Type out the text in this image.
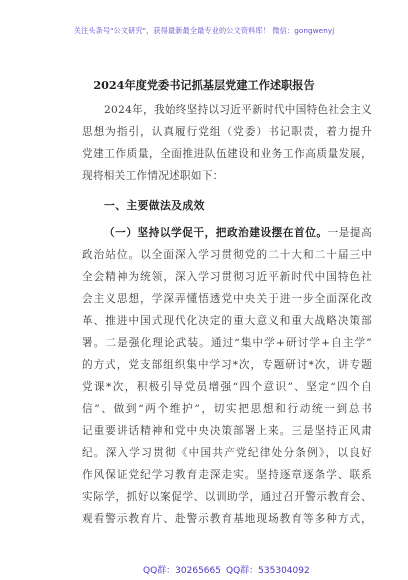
关注头条号"公文研究"，获得最新最全最专业的公文资料库！ 微信：gongwenyj
2024年度党委书记抓基层党建工作述职报告
2024年，我始终坚持以习近平新时代中国特色社会主义
思想为指引，认真履行党组（党委）书记职责，着力提升
党建工作质量，全面推进队伍建设和业务工作高质量发展，
现将相关工作情况述职如下：
一、主要做法及成效
（一）坚持以学促干，把政治建设摆在首位。一是提高
政治站位。以全面深入学习贯彻党的二十大和二十届三中
全会精神为统领，深入学习贯彻习近平新时代中国特色社
会主义思想，学深弄懂悟透党中央关于进一步全面深化改
革、推进中国式现代化决定的重大意义和重大战略决策部
署。二是强化理论武装。通过“集中学+研讨学+自主学”
的方式，党支部组织集中学习*次，专题研讨*次，讲专题
党课*次，积极引导党员增强“四个意识”、坚定“四个自
信”、做到“两个维护”，切实把思想和行动统一到总书
记重要讲话精神和党中央决策部署上来。三是坚持正风肃
纪。深入学习贯彻《中国共产党纪律处分条例》，以良好
作风保证党纪学习教育走深走实。坚持逐章逐条学、联系
实际学，抓好以案促学、以训助学，通过召开警示教育会、
观看警示教育片、赴警示教育基地现场教育等多种方式，
QQ群：30265665 QQ群：535304092
